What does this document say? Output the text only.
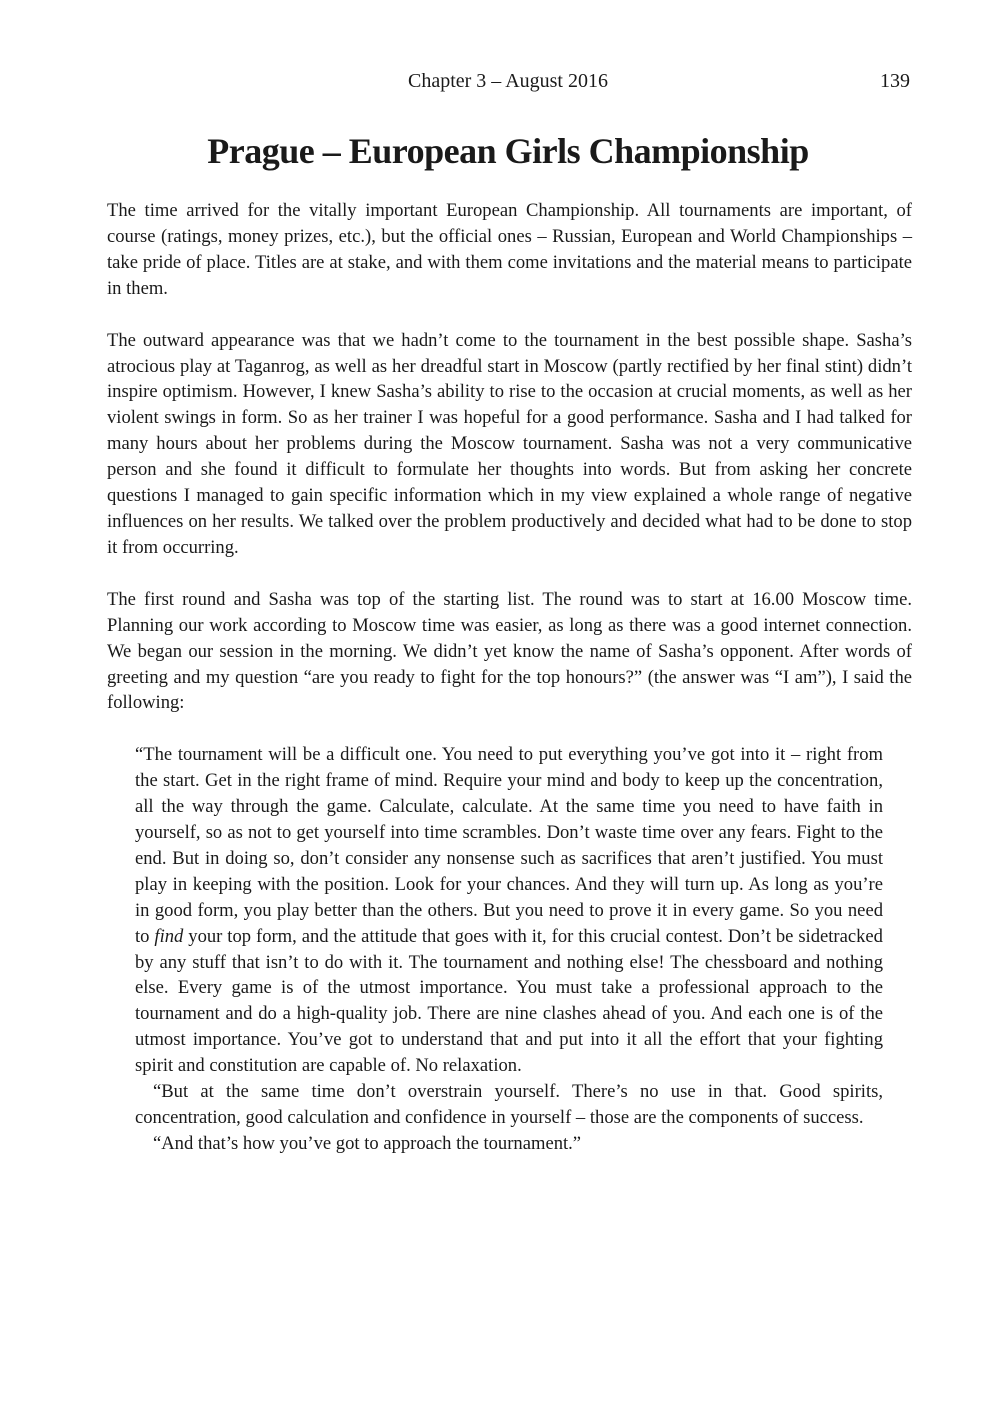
Chapter 3 – August 2016	139
Prague – European Girls Championship

The time arrived for the vitally important European Championship. All tournaments are important, of course (ratings, money prizes, etc.), but the official ones – Russian, European and World Championships – take pride of place. Titles are at stake, and with them come invitations and the material means to participate in them.

The outward appearance was that we hadn’t come to the tournament in the best possible shape. Sasha’s atrocious play at Taganrog, as well as her dreadful start in Moscow (partly rectified by her final stint) didn’t inspire optimism. However, I knew Sasha’s ability to rise to the occasion at crucial moments, as well as her violent swings in form. So as her trainer I was hopeful for a good performance. Sasha and I had talked for many hours about her problems during the Moscow tournament. Sasha was not a very communicative person and she found it difficult to formulate her thoughts into words. But from asking her concrete questions I managed to gain specific information which in my view explained a whole range of negative influences on her results. We talked over the problem productively and decided what had to be done to stop it from occurring.

The first round and Sasha was top of the starting list. The round was to start at 16.00 Moscow time. Planning our work according to Moscow time was easier, as long as there was a good internet connection. We began our session in the morning. We didn’t yet know the name of Sasha’s opponent. After words of greeting and my question “are you ready to fight for the top honours?” (the answer was “I am”), I said the following:

“The tournament will be a difficult one. You need to put everything you’ve got into it – right from the start. Get in the right frame of mind. Require your mind and body to keep up the concentration, all the way through the game. Calculate, calculate. At the same time you need to have faith in yourself, so as not to get yourself into time scrambles. Don’t waste time over any fears. Fight to the end. But in doing so, don’t consider any nonsense such as sacrifices that aren’t justified. You must play in keeping with the position. Look for your chances. And they will turn up. As long as you’re in good form, you play better than the others. But you need to prove it in every game. So you need to find your top form, and the attitude that goes with it, for this crucial contest. Don’t be sidetracked by any stuff that isn’t to do with it. The tournament and nothing else! The chessboard and nothing else. Every game is of the utmost importance. You must take a professional approach to the tournament and do a high-quality job. There are nine clashes ahead of you. And each one is of the utmost importance. You’ve got to understand that and put into it all the effort that your fighting spirit and constitution are capable of. No relaxation.

“But at the same time don’t overstrain yourself. There’s no use in that. Good spirits, concentration, good calculation and confidence in yourself – those are the components of success.

“And that’s how you’ve got to approach the tournament.”
